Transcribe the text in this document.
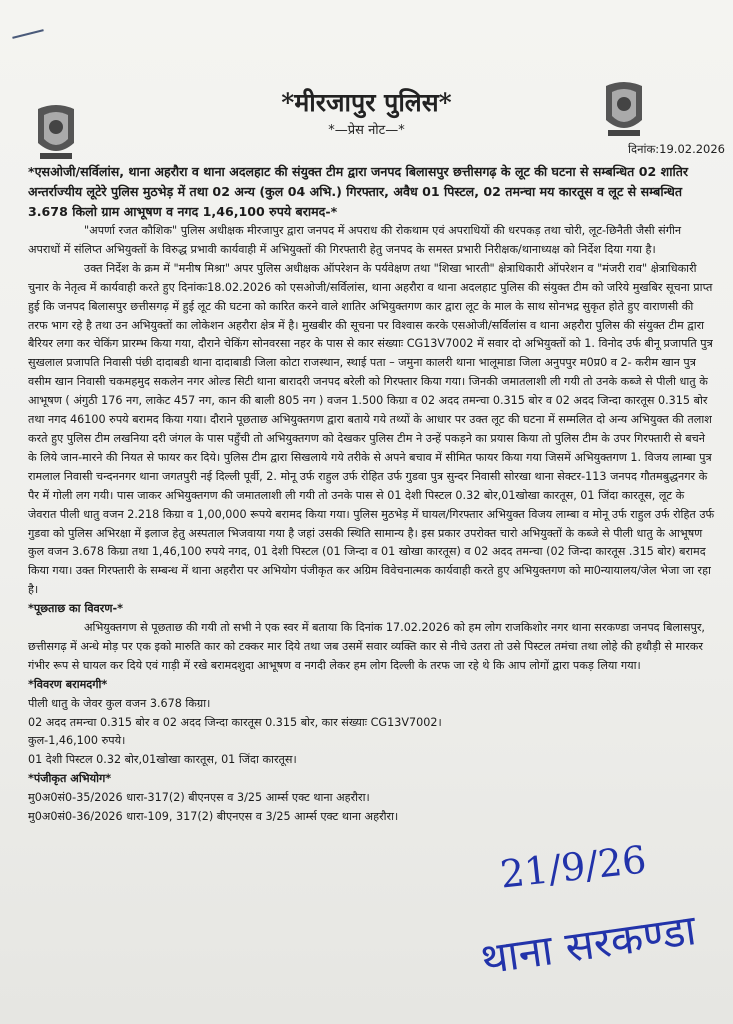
*मीरजापुर पुलिस*
*—प्रेस नोट—*
दिनांक:19.02.2026

*एसओजी/सर्विलांस, थाना अहरौरा व थाना अदलहाट की संयुक्त टीम द्वारा जनपद बिलासपुर छत्तीसगढ़ के लूट की घटना से सम्बन्धित 02 शातिर अन्तर्राज्यीय लूटेरे पुलिस मुठभेड़ में तथा 02 अन्य (कुल 04 अभि.) गिरफ्तार, अवैध 01 पिस्टल, 02 तमन्चा मय कारतूस व लूट से सम्बन्धित 3.678 किलो ग्राम आभूषण व नगद 1,46,100 रुपये बरामद-*

"अपर्णा रजत कौशिक" पुलिस अधीक्षक मीरजापुर द्वारा जनपद में अपराध की रोकथाम एवं अपराधियों की धरपकड़ तथा चोरी, लूट-छिनैती जैसी संगीन अपराधों में संलिप्त अभियुक्तों के विरुद्ध प्रभावी कार्यवाही में अभियुक्तों की गिरफ्तारी हेतु जनपद के समस्त प्रभारी निरीक्षक/थानाध्यक्ष को निर्देश दिया गया है।

उक्त निर्देश के क्रम में "मनीष मिश्रा" अपर पुलिस अधीक्षक ऑपरेशन के पर्यवेक्षण तथा "शिखा भारती" क्षेत्राधिकारी ऑपरेशन व "मंजरी राव" क्षेत्राधिकारी चुनार के नेतृत्व में कार्यवाही करते हुए दिनांकः18.02.2026 को एसओजी/सर्विलांस, थाना अहरौरा व थाना अदलहाट पुलिस की संयुक्त टीम को जरिये मुखबिर सूचना प्राप्त हुई कि जनपद बिलासपुर छत्तीसगढ़ में हुई लूट की घटना को कारित करने वाले शातिर अभियुक्तगण कार द्वारा लूट के माल के साथ सोनभद्र सुकृत होते हुए वाराणसी की तरफ भाग रहे है तथा उन अभियुक्तों का लोकेशन अहरौरा क्षेत्र में है। मुखबीर की सूचना पर विश्वास करके एसओजी/सर्विलांस व थाना अहरौरा पुलिस की संयुक्त टीम द्वारा बैरियर लगा कर चेकिंग प्रारम्भ किया गया, दौराने चेकिंग सोनवरसा नहर के पास से कार संख्याः CG13V7002 में सवार दो अभियुक्तों को 1. विनोद उर्फ बीनू प्रजापति पुत्र सुखलाल प्रजापति निवासी पंछी दादाबडी थाना दादाबाडी जिला कोटा राजस्थान, स्थाई पता – जमुना कालरी थाना भालूमाडा जिला अनुपपुर म0प्र0 व 2- करीम खान पुत्र वसीम खान निवासी चकमहमुद सकलेन नगर ओल्ड सिटी थाना बारादरी जनपद बरेली को गिरफ्तार किया गया। जिनकी जमातलाशी ली गयी तो उनके कब्जे से पीली धातु के आभूषण ( अंगुठी 176 नग, लाकेट 457 नग, कान की बाली 805 नग ) वजन 1.500 किग्रा व 02 अदद तमन्चा 0.315 बोर व 02 अदद जिन्दा कारतूस 0.315 बोर तथा नगद 46100 रुपये बरामद किया गया। दौराने पूछताछ अभियुक्तगण द्वारा बताये गये तथ्यों के आधार पर उक्त लूट की घटना में सम्मलित दो अन्य अभियुक्त की तलाश करते हुए पुलिस टीम लखनिया दरी जंगल के पास पहुँची तो अभियुक्तगण को देखकर पुलिस टीम ने उन्हें पकड़ने का प्रयास किया तो पुलिस टीम के उपर गिरफ्तारी से बचने के लिये जान-मारने की नियत से फायर कर दिये। पुलिस टीम द्वारा सिखलाये गये तरीके से अपने बचाव में सीमित फायर किया गया जिसमें अभियुक्तगण 1. विजय लाम्बा पुत्र रामलाल निवासी चन्दननगर थाना जगतपुरी नई दिल्ली पूर्वी, 2. मोनू उर्फ राहुल उर्फ रोहित उर्फ गुडवा पुत्र सुन्दर निवासी सोरखा थाना सेक्टर-113 जनपद गौतमबुद्धनगर के पैर में गोली लग गयी। पास जाकर अभियुक्तगण की जमातलाशी ली गयी तो उनके पास से 01 देशी पिस्टल 0.32 बोर,01खोखा कारतूस, 01 जिंदा कारतूस, लूट के जेवरात पीली धातु वजन 2.218 किग्रा व 1,00,000 रूपये बरामद किया गया। पुलिस मुठभेड़ में घायल/गिरफ्तार अभियुक्त विजय लाम्बा व मोनू उर्फ राहुल उर्फ रोहित उर्फ गुडवा को पुलिस अभिरक्षा में इलाज हेतु अस्पताल भिजवाया गया है जहां उसकी स्थिति सामान्य है। इस प्रकार उपरोक्त चारो अभियुक्तों के कब्जे से पीली धातु के आभूषण कुल वजन 3.678 किग्रा तथा 1,46,100 रुपये नगद, 01 देशी पिस्टल (01 जिन्दा व 01 खोखा कारतूस) व 02 अदद तमन्चा (02 जिन्दा कारतूस .315 बोर) बरामद किया गया। उक्त गिरफ्तारी के सम्बन्ध में थाना अहरौरा पर अभियोग पंजीकृत कर अग्रिम विवेचनात्मक कार्यवाही करते हुए अभियुक्तगण को मा0न्यायालय/जेल भेजा जा रहा है।

*पूछताछ का विवरण-*

अभियुक्तगण से पूछताछ की गयी तो सभी ने एक स्वर में बताया कि दिनांक 17.02.2026 को हम लोग राजकिशोर नगर थाना सरकण्डा जनपद बिलासपुर, छत्तीसगढ़ में अन्धे मोड़ पर एक इको मारुति कार को टक्कर मार दिये तथा जब उसमें सवार व्यक्ति कार से नीचे उतरा तो उसे पिस्टल तमंचा तथा लोहे की हथौड़ी से मारकर गंभीर रूप से घायल कर दिये एवं गाड़ी में रखे बरामदशुदा आभूषण व नगदी लेकर हम लोग दिल्ली के तरफ जा रहे थे कि आप लोगों द्वारा पकड़ लिया गया।

*विवरण बरामदगी*

पीली धातु के जेवर कुल वजन 3.678 किग्रा।

02 अदद तमन्चा 0.315 बोर व 02 अदद जिन्दा कारतूस 0.315 बोर, कार संख्याः CG13V7002।

कुल-1,46,100 रुपये।

01 देशी पिस्टल 0.32 बोर,01खोखा कारतूस, 01 जिंदा कारतूस।

*पंजीकृत अभियोग*

मु0अ0सं0-35/2026 धारा-317(2) बीएनएस व 3/25 आर्म्स एक्ट थाना अहरौरा।

मु0अ0सं0-36/2026 धारा-109, 317(2) बीएनएस व 3/25 आर्म्स एक्ट थाना अहरौरा।

21/9/26
थाना सरकण्डा
